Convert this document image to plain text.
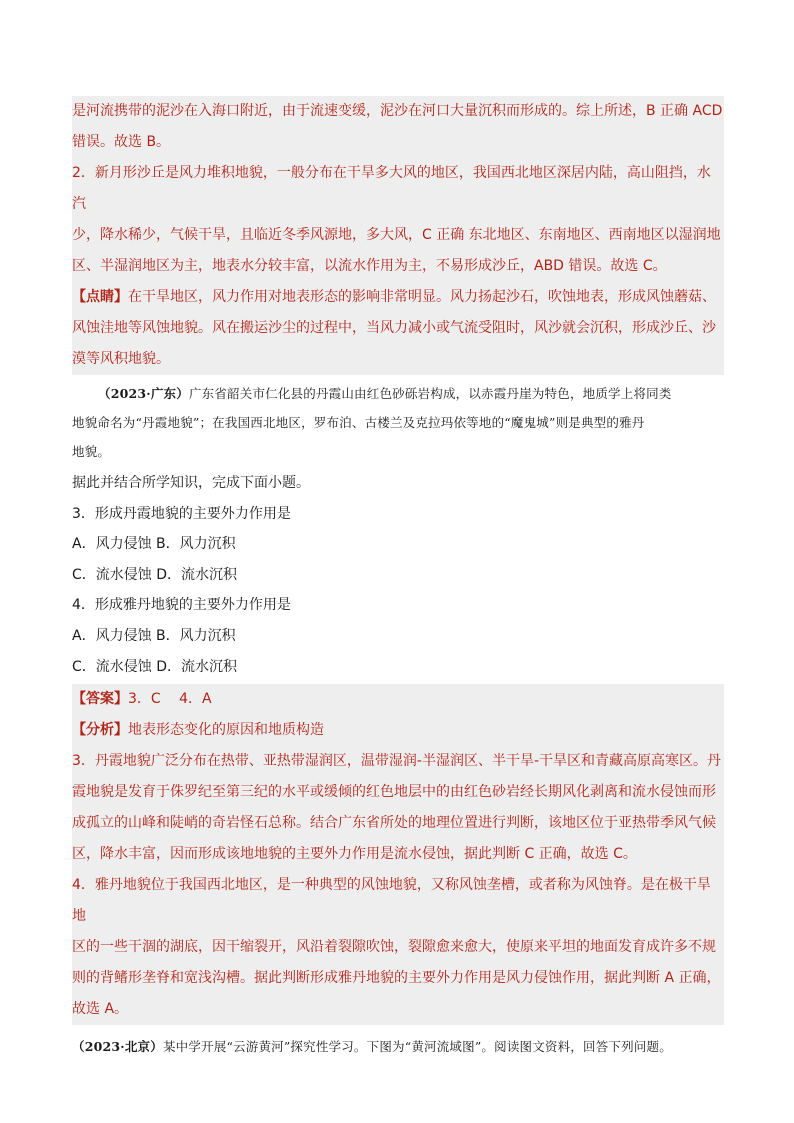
是河流携带的泥沙在入海口附近，由于流速变缓，泥沙在河口大量沉积而形成的。综上所述，B 正确 ACD

错误。故选 B。

2．新月形沙丘是风力堆积地貌，一般分布在干旱多大风的地区，我国西北地区深居内陆，高山阻挡，水汽

少，降水稀少，气候干旱，且临近冬季风源地，多大风，C 正确 东北地区、东南地区、西南地区以湿润地

区、半湿润地区为主，地表水分较丰富，以流水作用为主，不易形成沙丘，ABD 错误。故选 C。

【点睛】在干旱地区，风力作用对地表形态的影响非常明显。风力扬起沙石，吹蚀地表，形成风蚀蘑菇、

风蚀洼地等风蚀地貌。风在搬运沙尘的过程中，当风力减小或气流受阻时，风沙就会沉积，形成沙丘、沙

漠等风积地貌。

（2023·广东）广东省韶关市仁化县的丹霞山由红色砂砾岩构成，以赤霞丹崖为特色，地质学上将同类
地貌命名为“丹霞地貌”；在我国西北地区，罗布泊、古楼兰及克拉玛依等地的“魔鬼城”则是典型的雅丹
地貌。

据此并结合所学知识，完成下面小题。

3．形成丹霞地貌的主要外力作用是

A．风力侵蚀 B．风力沉积

C．流水侵蚀 D．流水沉积

4．形成雅丹地貌的主要外力作用是

A．风力侵蚀 B．风力沉积

C．流水侵蚀 D．流水沉积

【答案】3．C　 4．A

【分析】地表形态变化的原因和地质构造

3．丹霞地貌广泛分布在热带、亚热带湿润区，温带湿润-半湿润区、半干旱-干旱区和青藏高原高寒区。丹

霞地貌是发育于侏罗纪至第三纪的水平或缓倾的红色地层中的由红色砂岩经长期风化剥离和流水侵蚀而形

成孤立的山峰和陡峭的奇岩怪石总称。结合广东省所处的地理位置进行判断，该地区位于亚热带季风气候

区，降水丰富，因而形成该地地貌的主要外力作用是流水侵蚀，据此判断 C 正确，故选 C。

4．雅丹地貌位于我国西北地区，是一种典型的风蚀地貌，又称风蚀垄槽，或者称为风蚀脊。是在极干旱地

区的一些干涸的湖底，因干缩裂开，风沿着裂隙吹蚀，裂隙愈来愈大，使原来平坦的地面发育成许多不规

则的背鳍形垄脊和宽浅沟槽。据此判断形成雅丹地貌的主要外力作用是风力侵蚀作用，据此判断 A 正确，

故选 A。

（2023·北京）某中学开展“云游黄河”探究性学习。下图为“黄河流域图”。阅读图文资料，回答下列问题。
